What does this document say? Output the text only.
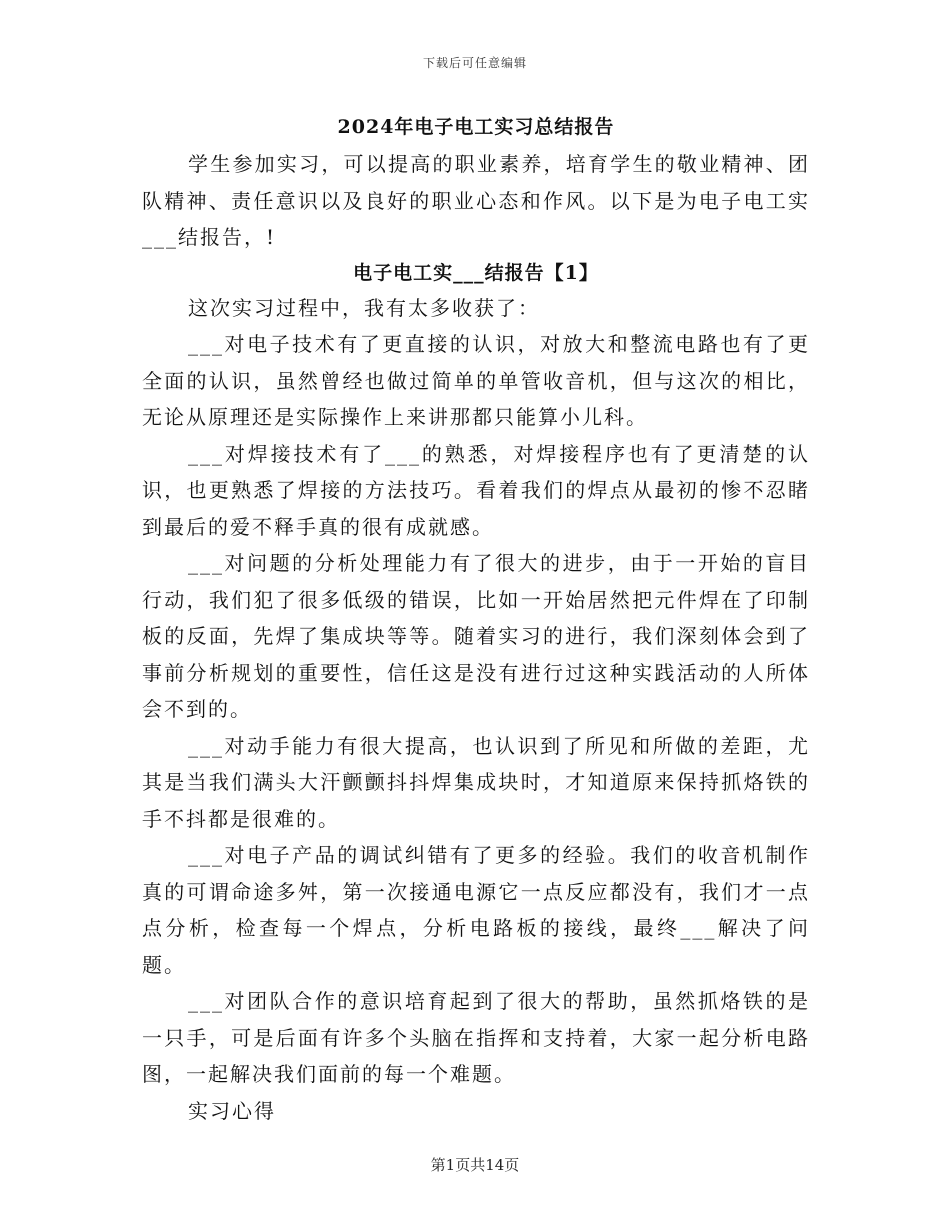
下载后可任意编辑
2024年电子电工实习总结报告

学生参加实习，可以提高的职业素养，培育学生的敬业精神、团队精神、责任意识以及良好的职业心态和作风。以下是为电子电工实___结报告，!

电子电工实___结报告【1】

这次实习过程中，我有太多收获了：

___对电子技术有了更直接的认识，对放大和整流电路也有了更全面的认识，虽然曾经也做过简单的单管收音机，但与这次的相比，无论从原理还是实际操作上来讲那都只能算小儿科。

___对焊接技术有了___的熟悉，对焊接程序也有了更清楚的认识，也更熟悉了焊接的方法技巧。看着我们的焊点从最初的惨不忍睹到最后的爱不释手真的很有成就感。

___对问题的分析处理能力有了很大的进步，由于一开始的盲目行动，我们犯了很多低级的错误，比如一开始居然把元件焊在了印制板的反面，先焊了集成块等等。随着实习的进行，我们深刻体会到了事前分析规划的重要性，信任这是没有进行过这种实践活动的人所体会不到的。

___对动手能力有很大提高，也认识到了所见和所做的差距，尤其是当我们满头大汗颤颤抖抖焊集成块时，才知道原来保持抓烙铁的手不抖都是很难的。

___对电子产品的调试纠错有了更多的经验。我们的收音机制作真的可谓命途多舛，第一次接通电源它一点反应都没有，我们才一点点分析，检查每一个焊点，分析电路板的接线，最终___解决了问题。

___对团队合作的意识培育起到了很大的帮助，虽然抓烙铁的是一只手，可是后面有许多个头脑在指挥和支持着，大家一起分析电路图，一起解决我们面前的每一个难题。

实习心得

第1页共14页
